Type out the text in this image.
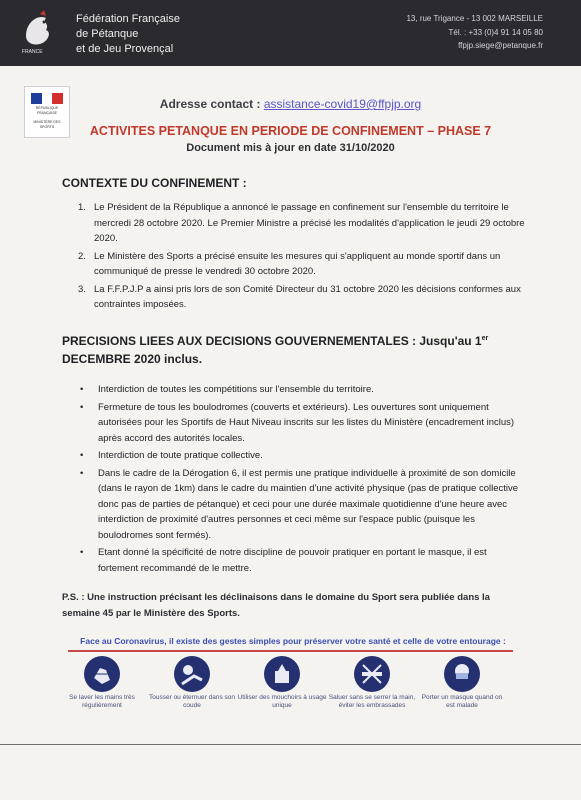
FRANCE
Fédération Française
de Pétanque
et de Jeu Provençal
13, rue Trigance - 13 002 MARSEILLE
Tél. : +33 (0)4 91 14 05 80
ffpjp.siege@petanque.fr
RÉPUBLIQUE FRANÇAISE
MINISTÈRE DES SPORTS
Adresse contact : assistance-covid19@ffpjp.org
ACTIVITES PETANQUE EN PERIODE DE CONFINEMENT – PHASE 7
Document mis à jour en date 31/10/2020
CONTEXTE DU CONFINEMENT :
1. Le Président de la République a annoncé le passage en confinement sur l'ensemble du territoire le mercredi 28 octobre 2020. Le Premier Ministre a précisé les modalités d'application le jeudi 29 octobre 2020.
2. Le Ministère des Sports a précisé ensuite les mesures qui s'appliquent au monde sportif dans un communiqué de presse le vendredi 30 octobre 2020.
3. La F.F.P.J.P a ainsi pris lors de son Comité Directeur du 31 octobre 2020 les décisions conformes aux contraintes imposées.
PRECISIONS LIEES AUX DECISIONS GOUVERNEMENTALES : Jusqu'au 1er DECEMBRE 2020 inclus.
• Interdiction de toutes les compétitions sur l'ensemble du territoire.
• Fermeture de tous les boulodromes (couverts et extérieurs). Les ouvertures sont uniquement autorisées pour les Sportifs de Haut Niveau inscrits sur les listes du Ministère (encadrement inclus) après accord des autorités locales.
• Interdiction de toute pratique collective.
• Dans le cadre de la Dérogation 6, il est permis une pratique individuelle à proximité de son domicile (dans le rayon de 1km) dans le cadre du maintien d'une activité physique (pas de pratique collective donc pas de parties de pétanque) et ceci pour une durée maximale quotidienne d'une heure avec interdiction de proximité d'autres personnes et ceci même sur l'espace public (puisque les boulodromes sont fermés).
• Etant donné la spécificité de notre discipline de pouvoir pratiquer en portant le masque, il est fortement recommandé de le mettre.
P.S. : Une instruction précisant les déclinaisons dans le domaine du Sport sera publiée dans la semaine 45 par le Ministère des Sports.
Face au Coronavirus, il existe des gestes simples pour préserver votre santé et celle de votre entourage :
Se laver les mains très régulièrement
Tousser ou éternuer dans son coude
Utiliser des mouchoirs à usage unique
Saluer sans se serrer la main, éviter les embrassades
Porter un masque quand on est malade
